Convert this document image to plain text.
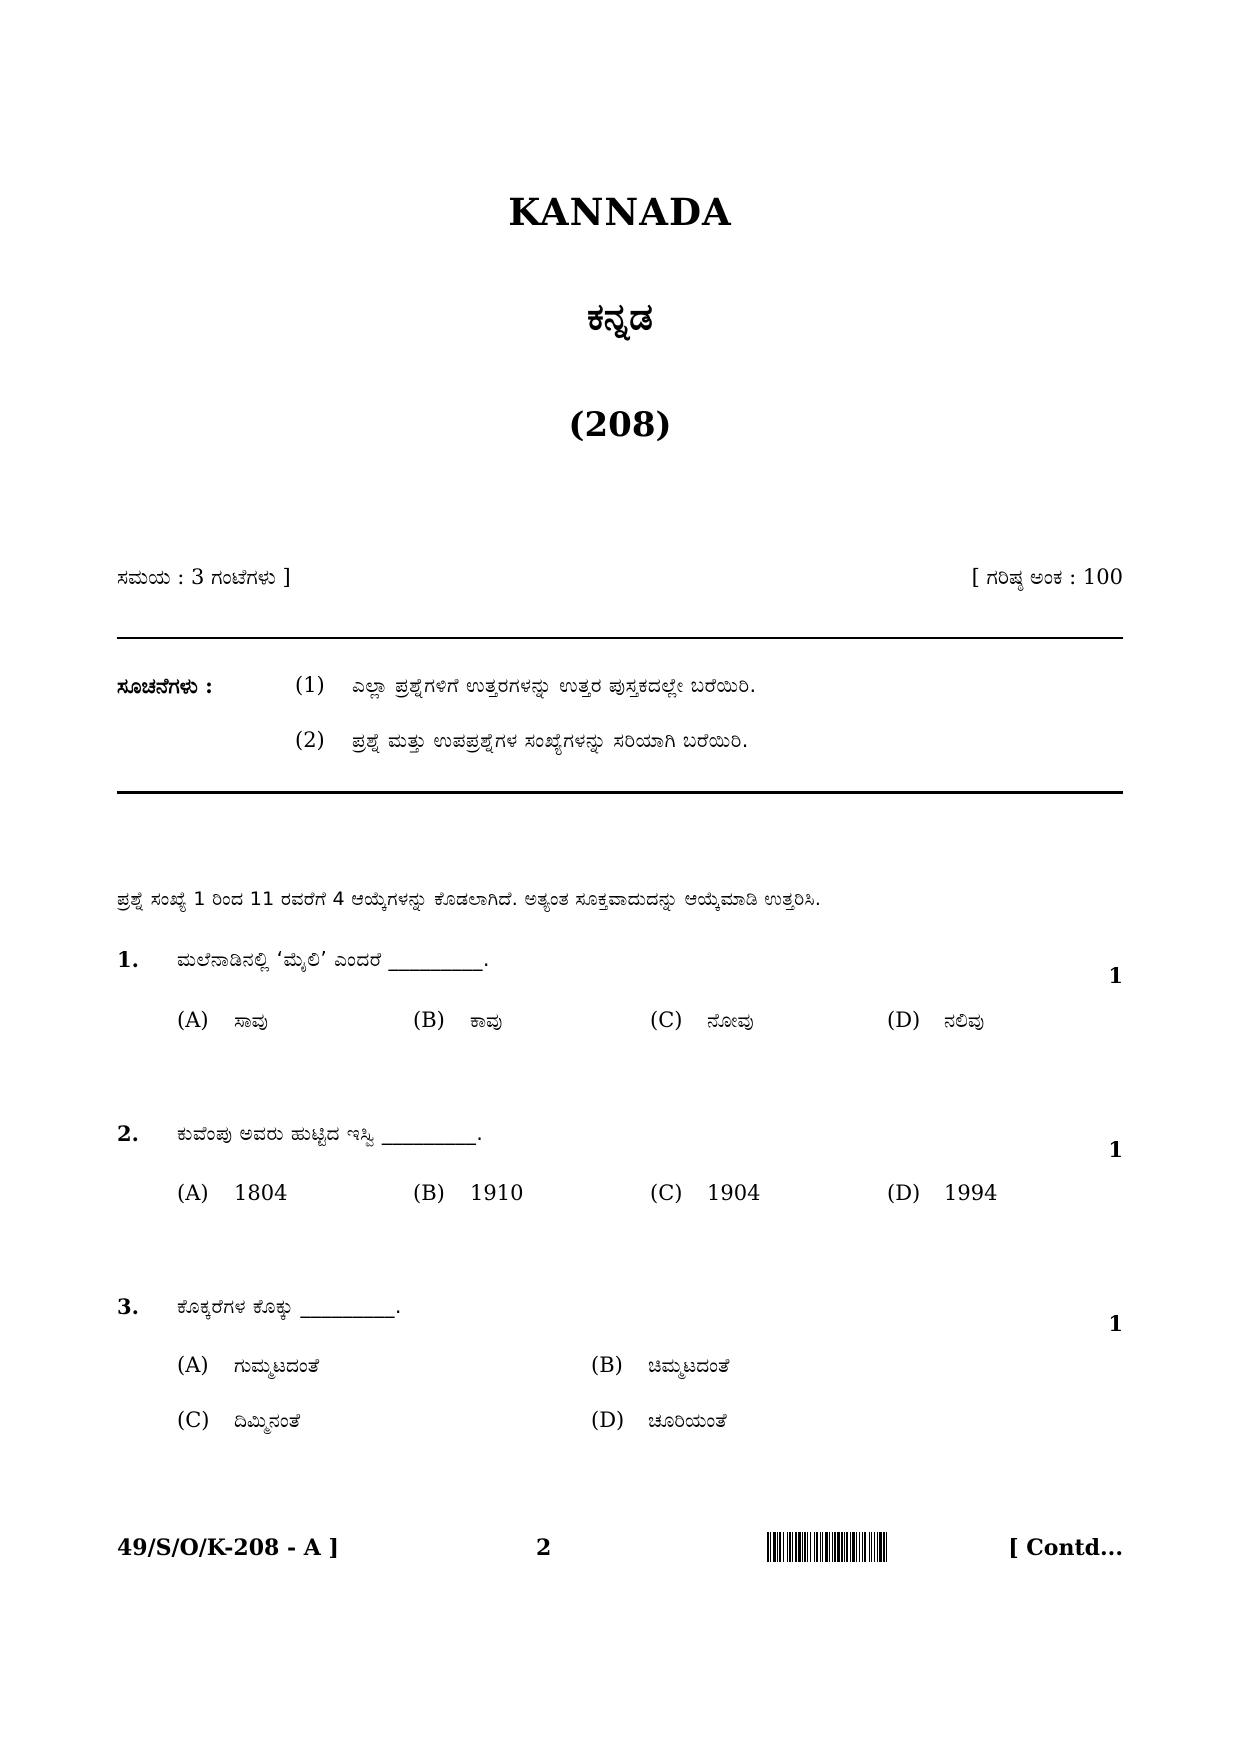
KANNADA
ಕನ್ನಡ
(208)
ಸಮಯ : 3 ಗಂಟೆಗಳು ]	[ ಗರಿಷ್ಠ ಅಂಕ : 100
ಸೂಚನೆಗಳು :	(1) ಎಲ್ಲಾ ಪ್ರಶ್ನೆಗಳಿಗೆ ಉತ್ತರಗಳನ್ನು ಉತ್ತರ ಪುಸ್ತಕದಲ್ಲೇ ಬರೆಯಿರಿ.
(2) ಪ್ರಶ್ನೆ ಮತ್ತು ಉಪಪ್ರಶ್ನೆಗಳ ಸಂಖ್ಯೆಗಳನ್ನು ಸರಿಯಾಗಿ ಬರೆಯಿರಿ.
ಪ್ರಶ್ನೆ ಸಂಖ್ಯೆ 1 ರಿಂದ 11 ರವರೆಗೆ 4 ಆಯ್ಕೆಗಳನ್ನು ಕೊಡಲಾಗಿದೆ. ಅತ್ಯಂತ ಸೂಕ್ತವಾದುದನ್ನು ಆಯ್ಕೆಮಾಡಿ ಉತ್ತರಿಸಿ.
1. ಮಲೆನಾಡಿನಲ್ಲಿ ‘ಮೈಲಿ’ ಎಂದರೆ _________.
1
(A) ಸಾವು	(B) ಕಾವು	(C) ನೋವು	(D) ನಲಿವು
2. ಕುವೆಂಪು ಅವರು ಹುಟ್ಟಿದ ಇಸ್ವಿ _________.
1
(A) 1804	(B) 1910	(C) 1904	(D) 1994
3. ಕೊಕ್ಕರೆಗಳ ಕೊಕ್ಕು _________.
1
(A) ಗುಮ್ಮಟದಂತೆ	(B) ಚಿಮ್ಮಟದಂತೆ
(C) ದಿಮ್ಮಿನಂತೆ	(D) ಚೂರಿಯಂತೆ
49/S/O/K-208 - A ]	2	[ Contd...
